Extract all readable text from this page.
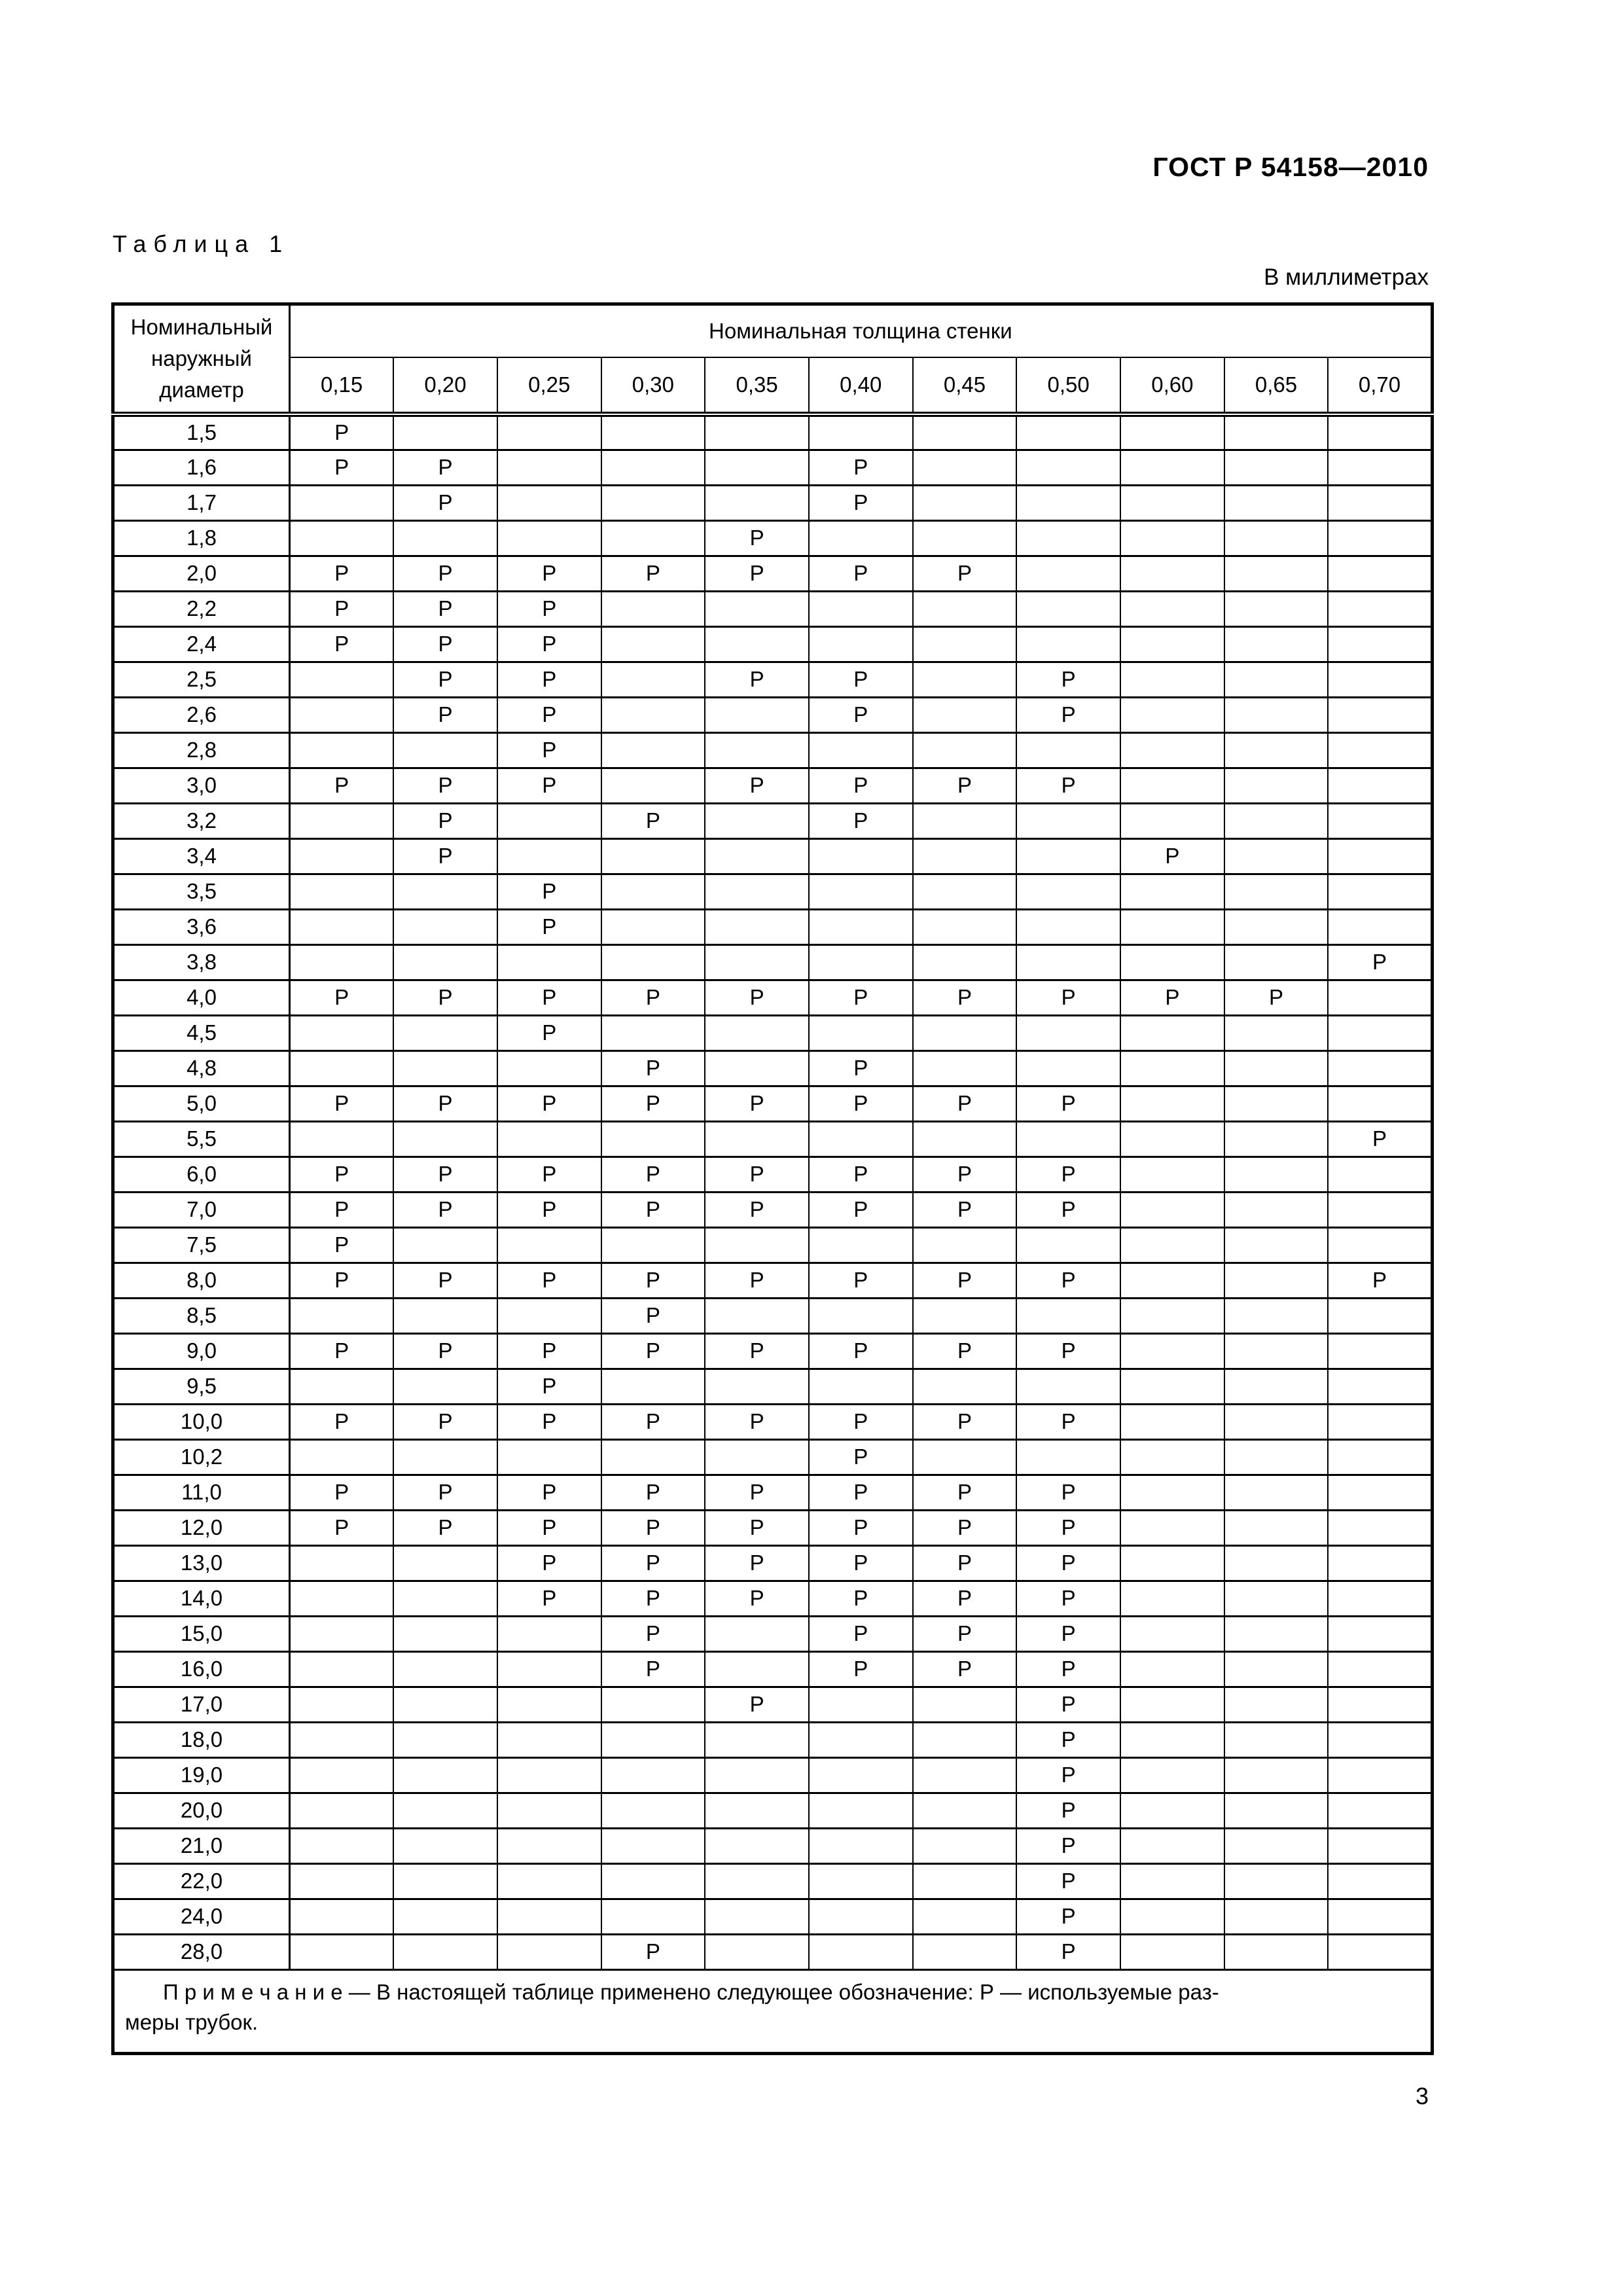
ГОСТ Р 54158—2010
Таблица 1
В миллиметрах
Номинальный наружный диаметр	Номинальная толщина стенки										
	0,15	0,20	0,25	0,30	0,35	0,40	0,45	0,50	0,60	0,65	0,70
1,5	Р										
1,6	Р	Р				Р					
1,7		Р				Р					
1,8					Р						
2,0	Р	Р	Р	Р	Р	Р	Р				
2,2	Р	Р	Р								
2,4	Р	Р	Р								
2,5		Р	Р		Р	Р		Р			
2,6		Р	Р			Р		Р			
2,8			Р								
3,0	Р	Р	Р		Р	Р	Р	Р			
3,2		Р		Р		Р					
3,4		Р							Р		
3,5			Р								
3,6			Р								
3,8											Р
4,0	Р	Р	Р	Р	Р	Р	Р	Р	Р	Р	
4,5			Р								
4,8				Р		Р					
5,0	Р	Р	Р	Р	Р	Р	Р	Р			
5,5											Р
6,0	Р	Р	Р	Р	Р	Р	Р	Р			
7,0	Р	Р	Р	Р	Р	Р	Р	Р			
7,5	Р										
8,0	Р	Р	Р	Р	Р	Р	Р	Р			Р
8,5				Р							
9,0	Р	Р	Р	Р	Р	Р	Р	Р			
9,5			Р								
10,0	Р	Р	Р	Р	Р	Р	Р	Р			
10,2						Р					
11,0	Р	Р	Р	Р	Р	Р	Р	Р			
12,0	Р	Р	Р	Р	Р	Р	Р	Р			
13,0			Р	Р	Р	Р	Р	Р			
14,0			Р	Р	Р	Р	Р	Р			
15,0				Р		Р	Р	Р			
16,0				Р		Р	Р	Р			
17,0					Р			Р			
18,0								Р			
19,0								Р			
20,0								Р			
21,0								Р			
22,0								Р			
24,0								Р			
28,0				Р				Р			

П р и м е ч а н и е — В настоящей таблице применено следующее обозначение: Р — используемые раз-
меры трубок.											
3
